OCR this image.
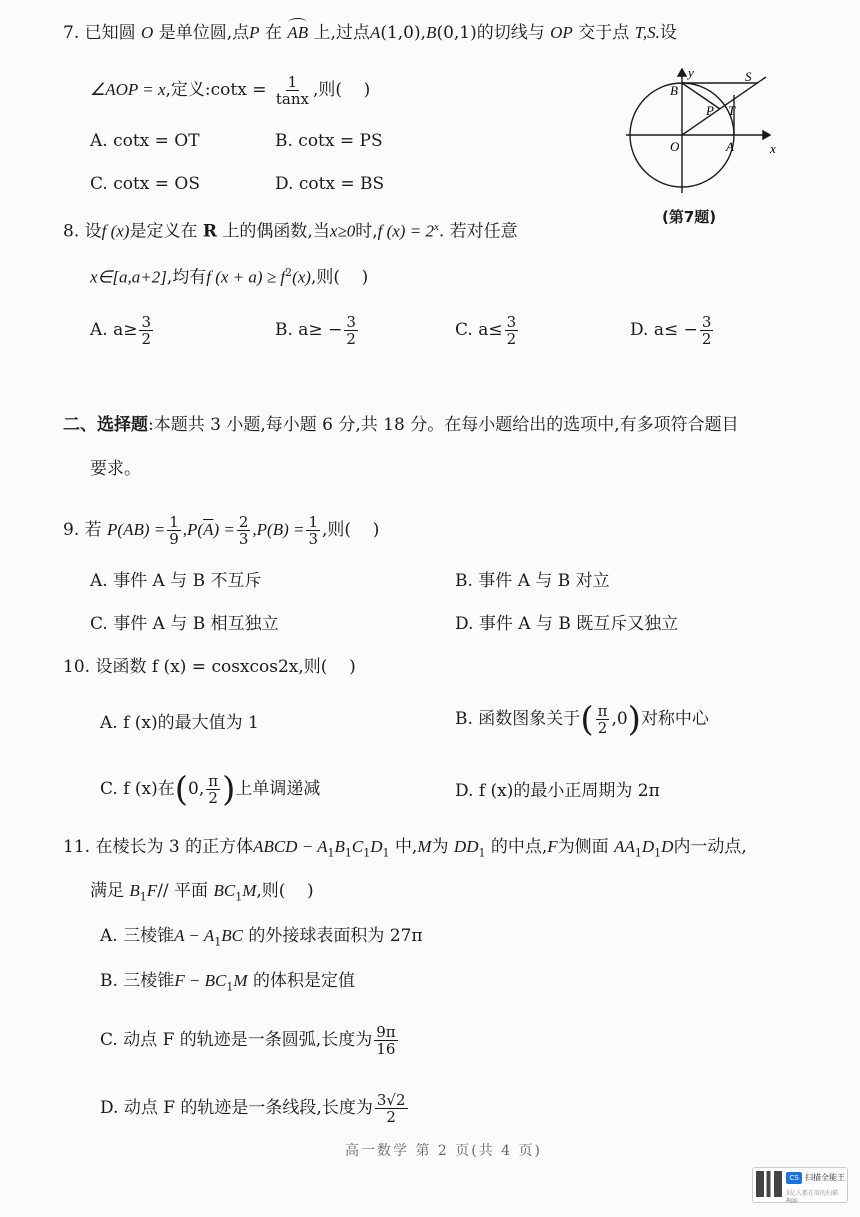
7. 已知圆 O 是单位圆,点P 在 AB 上,过点A(1,0),B(0,1)的切线与 OP 交于点 T,S.设
∠AOP = x,定义:cotx = $\frac{1}{\tan x}$ ,则( )
A. cotx = OT	B. cotx = PS
C. cotx = OS	D. cotx = BS
y
x
B
S
P T
O	A
(第7题)
8. 设f (x)是定义在 R 上的偶函数,当x≥0时,f $(x) = 2^x$. 若对任意
x∈[a,a+2],均有f $(x + a) \ge f^2(x)$,则( )
A. $a\ge \frac{3}{2}$	B. $a\ge - \frac{3}{2}$	C. $a\le \frac{3}{2}$	D. $a\le - \frac{3}{2}$
二、选择题:本题共 3 小题,每小题 6 分,共 18 分。在每小题给出的选项中,有多项符合题目
要求。
9. 若 $P(AB) = \frac{1}{9} ,P(\overline{A}) = \frac{2}{3} ,P(B) = \frac{1}{3}$ ,则( )
A. 事件 A 与 B 不互斥	B. 事件 A 与 B 对立
C. 事件 A 与 B 相互独立	D. 事件 A 与 B 既互斥又独立
10. 设函数 f (x) = cosxcos2x,则( )
A. f (x)的最大值为 1	B. 函数图象关于( $\frac{\pi}{2} ,0$)对称中心
C. f (x)在(0, $\frac{\pi}{2}$ )上单调递减	D. f (x)的最小正周期为 2π
11. 在棱长为 3 的正方体ABCD − $A_1B_1C_1D_1$ 中,M为 $DD_1$ 的中点,F为侧面 $AA_1D_1D$内一动点,
满足 $B_1F//$ 平面 $BC_1M$,则( )
A. 三棱锥$A - A_1BC$ 的外接球表面积为 27π
B. 三棱锥$F - BC_1M$ 的体积是定值
C. 动点 F 的轨迹是一条圆弧,长度为 $\frac{9\pi}{16}$
D. 动点 F 的轨迹是一条线段,长度为 $\frac{3√2}{2}$
高一数学 第 2 页(共 4 页)
CS 扫描全能王
3亿人都在用的扫描App
